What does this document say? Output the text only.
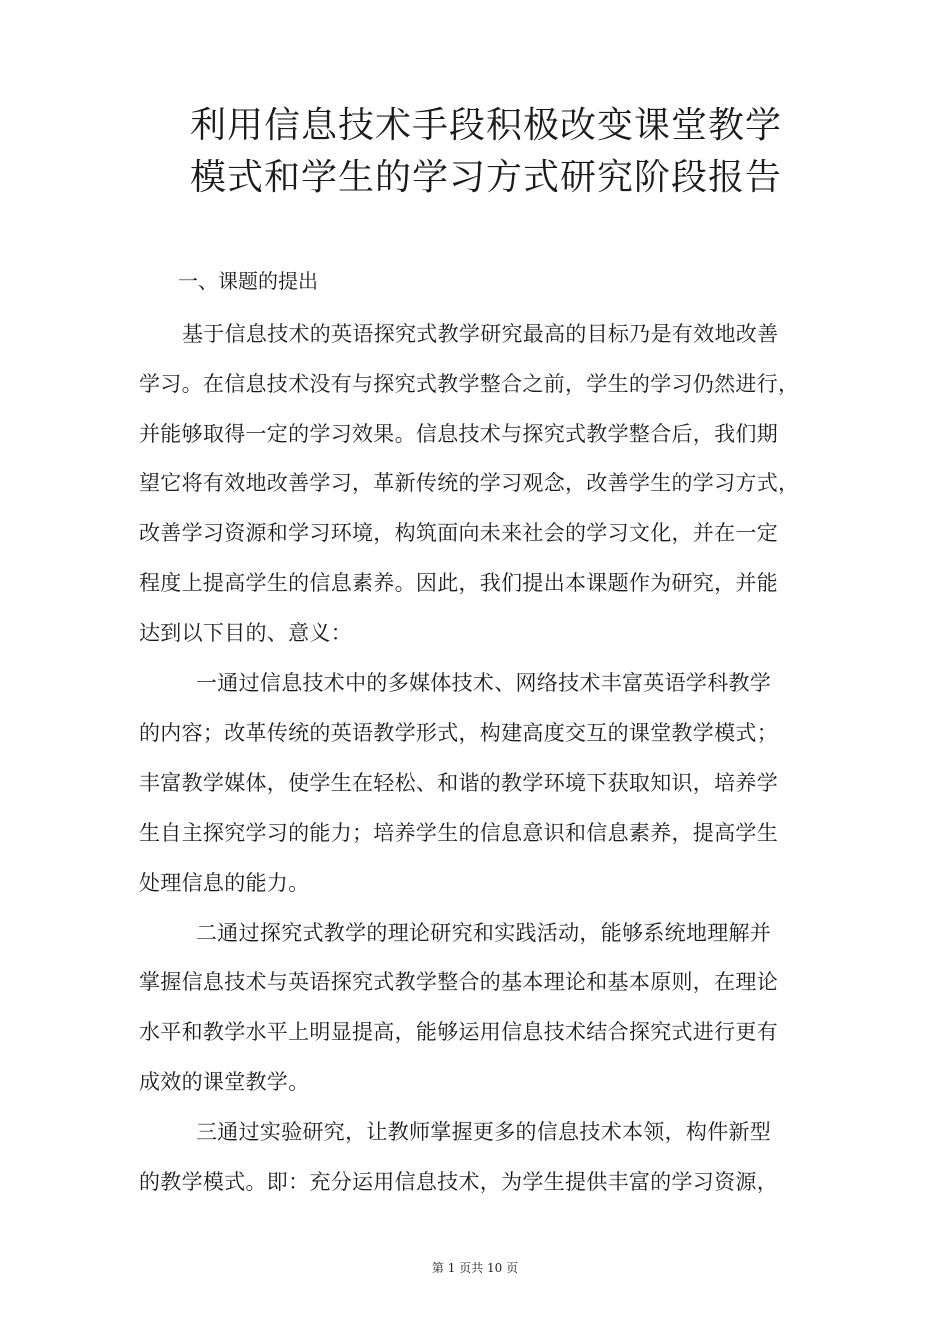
利用信息技术手段积极改变课堂教学
模式和学生的学习方式研究阶段报告
一、课题的提出
基于信息技术的英语探究式教学研究最高的目标乃是有效地改善
学习。在信息技术没有与探究式教学整合之前，学生的学习仍然进行，
并能够取得一定的学习效果。信息技术与探究式教学整合后，我们期
望它将有效地改善学习，革新传统的学习观念，改善学生的学习方式，
改善学习资源和学习环境，构筑面向未来社会的学习文化，并在一定
程度上提高学生的信息素养。因此，我们提出本课题作为研究，并能
达到以下目的、意义：
一通过信息技术中的多媒体技术、网络技术丰富英语学科教学
的内容；改革传统的英语教学形式，构建高度交互的课堂教学模式；
丰富教学媒体，使学生在轻松、和谐的教学环境下获取知识，培养学
生自主探究学习的能力；培养学生的信息意识和信息素养，提高学生
处理信息的能力。
二通过探究式教学的理论研究和实践活动，能够系统地理解并
掌握信息技术与英语探究式教学整合的基本理论和基本原则，在理论
水平和教学水平上明显提高，能够运用信息技术结合探究式进行更有
成效的课堂教学。
三通过实验研究，让教师掌握更多的信息技术本领，构件新型
的教学模式。即：充分运用信息技术，为学生提供丰富的学习资源，
第 1 页共 10 页
